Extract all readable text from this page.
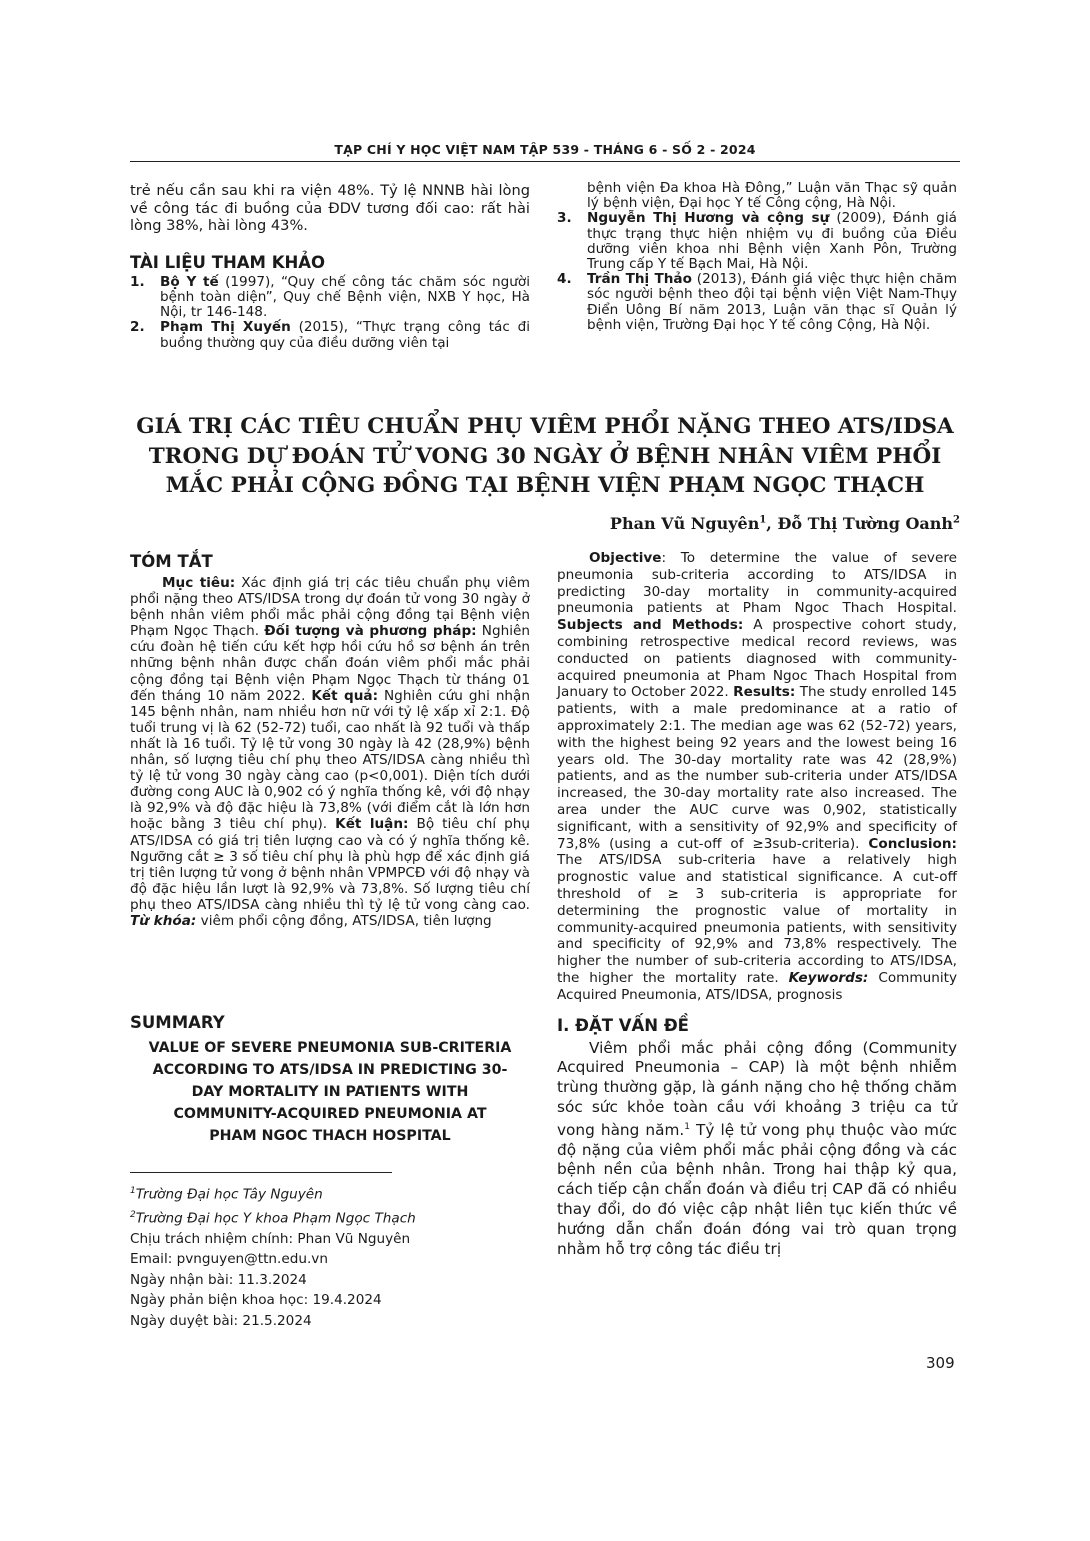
TẠP CHÍ Y HỌC VIỆT NAM TẬP 539 - THÁNG 6 - SỐ 2 - 2024
trẻ nếu cần sau khi ra viện 48%. Tỷ lệ NNNB hài lòng về công tác đi buồng của ĐDV tương đối cao: rất hài lòng 38%, hài lòng 43%.
TÀI LIỆU THAM KHẢO
1.	Bộ Y tế (1997), “Quy chế công tác chăm sóc người bệnh toàn diện”, Quy chế Bệnh viện, NXB Y học, Hà Nội, tr 146-148.
2.	Phạm Thị Xuyến (2015), “Thực trạng công tác đi buồng thường quy của điều dưỡng viên tại
bệnh viện Đa khoa Hà Đông,” Luận văn Thạc sỹ quản lý bệnh viện, Đại học Y tế Công cộng, Hà Nội.
3.	Nguyễn Thị Hương và cộng sự (2009), Đánh giá thực trạng thực hiện nhiệm vụ đi buồng của Điều dưỡng viên khoa nhi Bệnh viện Xanh Pôn, Trường Trung cấp Y tế Bạch Mai, Hà Nội.
4.	Trần Thị Thảo (2013), Đánh giá việc thực hiện chăm sóc người bệnh theo đội tại bệnh viện Việt Nam-Thụy Điển Uông Bí năm 2013, Luận văn thạc sĩ Quản lý bệnh viện, Trường Đại học Y tế công Cộng, Hà Nội.
GIÁ TRỊ CÁC TIÊU CHUẨN PHỤ VIÊM PHỔI NẶNG THEO ATS/IDSA
TRONG DỰ ĐOÁN TỬ VONG 30 NGÀY Ở BỆNH NHÂN VIÊM PHỔI
MẮC PHẢI CỘNG ĐỒNG TẠI BỆNH VIỆN PHẠM NGỌC THẠCH
Phan Vũ Nguyên$^1$, Đỗ Thị Tường Oanh$^2$
TÓM TẮT
Mục tiêu: Xác định giá trị các tiêu chuẩn phụ viêm phổi nặng theo ATS/IDSA trong dự đoán tử vong 30 ngày ở bệnh nhân viêm phổi mắc phải cộng đồng tại Bệnh viện Phạm Ngọc Thạch. Đối tượng và phương pháp: Nghiên cứu đoàn hệ tiến cứu kết hợp hồi cứu hồ sơ bệnh án trên những bệnh nhân được chẩn đoán viêm phổi mắc phải cộng đồng tại Bệnh viện Phạm Ngọc Thạch từ tháng 01 đến tháng 10 năm 2022. Kết quả: Nghiên cứu ghi nhận 145 bệnh nhân, nam nhiều hơn nữ với tỷ lệ xấp xỉ 2:1. Độ tuổi trung vị là 62 (52-72) tuổi, cao nhất là 92 tuổi và thấp nhất là 16 tuổi. Tỷ lệ tử vong 30 ngày là 42 (28,9%) bệnh nhân, số lượng tiêu chí phụ theo ATS/IDSA càng nhiều thì tỷ lệ tử vong 30 ngày càng cao (p<0,001). Diện tích dưới đường cong AUC là 0,902 có ý nghĩa thống kê, với độ nhạy là 92,9% và độ đặc hiệu là 73,8% (với điểm cắt là lớn hơn hoặc bằng 3 tiêu chí phụ). Kết luận: Bộ tiêu chí phụ ATS/IDSA có giá trị tiên lượng cao và có ý nghĩa thống kê. Ngưỡng cắt ≥ 3 số tiêu chí phụ là phù hợp để xác định giá trị tiên lượng tử vong ở bệnh nhân VPMPCĐ với độ nhạy và độ đặc hiệu lần lượt là 92,9% và 73,8%. Số lượng tiêu chí phụ theo ATS/IDSA càng nhiều thì tỷ lệ tử vong càng cao. Từ khóa: viêm phổi cộng đồng, ATS/IDSA, tiên lượng
SUMMARY
VALUE OF SEVERE PNEUMONIA SUB-CRITERIA
ACCORDING TO ATS/IDSA IN PREDICTING 30-
DAY MORTALITY IN PATIENTS WITH
COMMUNITY-ACQUIRED PNEUMONIA AT
PHAM NGOC THACH HOSPITAL
$^1$Trường Đại học Tây Nguyên
$^2$Trường Đại học Y khoa Phạm Ngọc Thạch
Chịu trách nhiệm chính: Phan Vũ Nguyên
Email: pvnguyen@ttn.edu.vn
Ngày nhận bài: 11.3.2024
Ngày phản biện khoa học: 19.4.2024
Ngày duyệt bài: 21.5.2024
Objective: To determine the value of severe pneumonia sub-criteria according to ATS/IDSA in predicting 30-day mortality in community-acquired pneumonia patients at Pham Ngoc Thach Hospital. Subjects and Methods: A prospective cohort study, combining retrospective medical record reviews, was conducted on patients diagnosed with community-acquired pneumonia at Pham Ngoc Thach Hospital from January to October 2022. Results: The study enrolled 145 patients, with a male predominance at a ratio of approximately 2:1. The median age was 62 (52-72) years, with the highest being 92 years and the lowest being 16 years old. The 30-day mortality rate was 42 (28,9%) patients, and as the number sub-criteria under ATS/IDSA increased, the 30-day mortality rate also increased. The area under the AUC curve was 0,902, statistically significant, with a sensitivity of 92,9% and specificity of 73,8% (using a cut-off of ≥3sub-criteria). Conclusion: The ATS/IDSA sub-criteria have a relatively high prognostic value and statistical significance. A cut-off threshold of ≥ 3 sub-criteria is appropriate for determining the prognostic value of mortality in community-acquired pneumonia patients, with sensitivity and specificity of 92,9% and 73,8% respectively. The higher the number of sub-criteria according to ATS/IDSA, the higher the mortality rate. Keywords: Community Acquired Pneumonia, ATS/IDSA, prognosis
I. ĐẶT VẤN ĐỀ
Viêm phổi mắc phải cộng đồng (Community Acquired Pneumonia – CAP) là một bệnh nhiễm trùng thường gặp, là gánh nặng cho hệ thống chăm sóc sức khỏe toàn cầu với khoảng 3 triệu ca tử vong hàng năm.$^1$ Tỷ lệ tử vong phụ thuộc vào mức độ nặng của viêm phổi mắc phải cộng đồng và các bệnh nền của bệnh nhân. Trong hai thập kỷ qua, cách tiếp cận chẩn đoán và điều trị CAP đã có nhiều thay đổi, do đó việc cập nhật liên tục kiến thức về hướng dẫn chẩn đoán đóng vai trò quan trọng nhằm hỗ trợ công tác điều trị
309
